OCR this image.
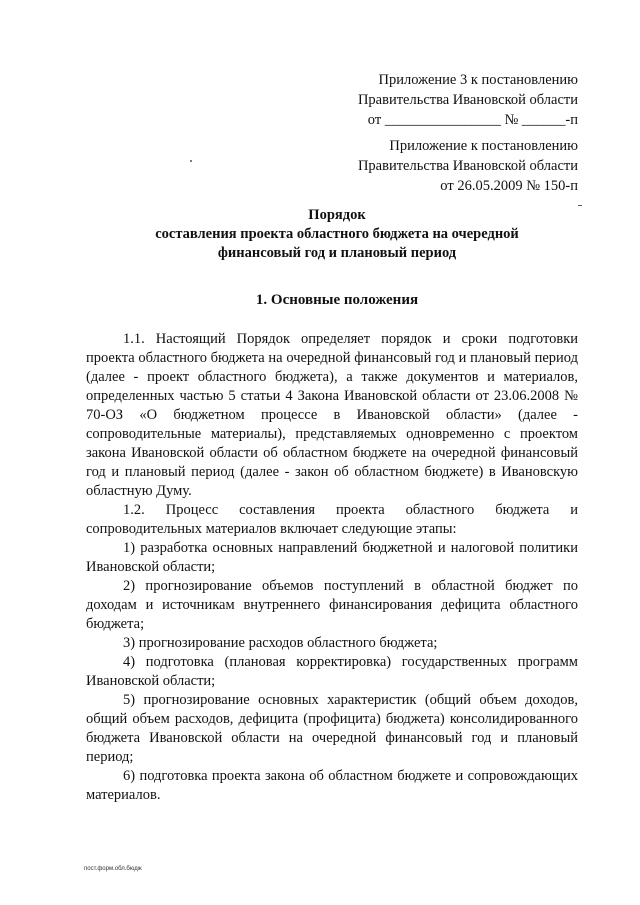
Приложение 3 к постановлению
Правительства Ивановской области
от ________________ № ______-п
Приложение к постановлению
Правительства Ивановской области
от 26.05.2009 № 150-п
Порядок
составления проекта областного бюджета на очередной
финансовый год и плановый период
1. Основные положения

1.1. Настоящий Порядок определяет порядок и сроки подготовки проекта областного бюджета на очередной финансовый год и плановый период (далее - проект областного бюджета), а также документов и материалов, определенных частью 5 статьи 4 Закона Ивановской области от 23.06.2008 № 70-ОЗ «О бюджетном процессе в Ивановской области» (далее - сопроводительные материалы), представляемых одновременно с проектом закона Ивановской области об областном бюджете на очередной финансовый год и плановый период (далее - закон об областном бюджете) в Ивановскую областную Думу.

1.2. Процесс составления проекта областного бюджета и сопроводительных материалов включает следующие этапы:

1) разработка основных направлений бюджетной и налоговой политики Ивановской области;

2) прогнозирование объемов поступлений в областной бюджет по доходам и источникам внутреннего финансирования дефицита областного бюджета;

3) прогнозирование расходов областного бюджета;

4) подготовка (плановая корректировка) государственных программ Ивановской области;

5) прогнозирование основных характеристик (общий объем доходов, общий объем расходов, дефицита (профицита) бюджета) консолидированного бюджета Ивановской области на очередной финансовый год и плановый период;

6) подготовка проекта закона об областном бюджете и сопровождающих материалов.

пост.форм.обл.бюдж
